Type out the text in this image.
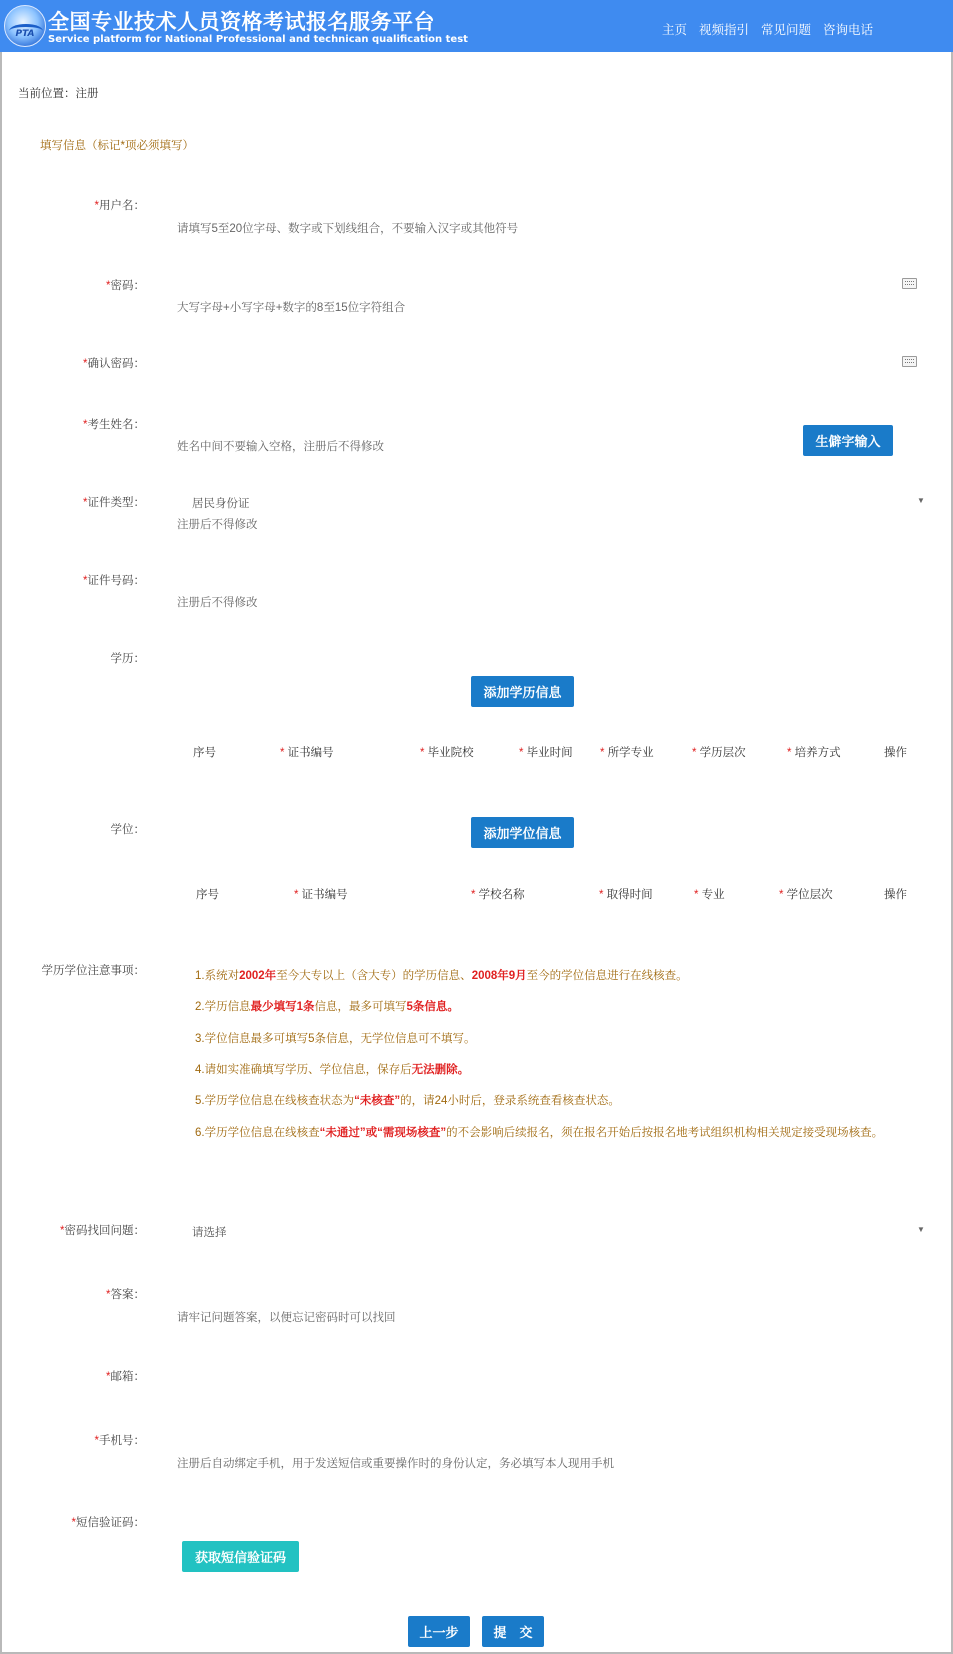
PTA 全国专业技术人员资格考试报名服务平台
Service platform for National Professional and technican qualification test
主页 视频指引 常见问题 咨询电话
当前位置：注册
填写信息（标记*项必须填写）
*用户名：
请填写5至20位字母、数字或下划线组合，不要输入汉字或其他符号
*密码：
大写字母+小写字母+数字的8至15位字符组合
*确认密码：
*考生姓名：
生僻字输入
姓名中间不要输入空格，注册后不得修改
*证件类型：	居民身份证	▼
注册后不得修改
*证件号码：
注册后不得修改
学历：
添加学历信息
序号	* 证书编号	* 毕业院校	* 毕业时间 * 所学专业	* 学历层次	* 培养方式	操作
学位：	添加学位信息
序号	* 证书编号	* 学校名称	* 取得时间	* 专业	* 学位层次	操作
学历学位注意事项：	1.系统对2002年至今大专以上（含大专）的学历信息、2008年9月至今的学位信息进行在线核查。
2.学历信息最少填写1条信息，最多可填写5条信息。
3.学位信息最多可填写5条信息，无学位信息可不填写。
4.请如实准确填写学历、学位信息，保存后无法删除。
5.学历学位信息在线核查状态为“未核查”的，请24小时后，登录系统查看核查状态。
6.学历学位信息在线核查“未通过”或“需现场核查”的不会影响后续报名，须在报名开始后按报名地考试组织机构相关规定接受现场核查。
*密码找回问题：	请选择	▼
*答案：
请牢记问题答案，以便忘记密码时可以找回
*邮箱：
*手机号：
注册后自动绑定手机，用于发送短信或重要操作时的身份认定，务必填写本人现用手机
*短信验证码：
获取短信验证码
上一步	提　交
